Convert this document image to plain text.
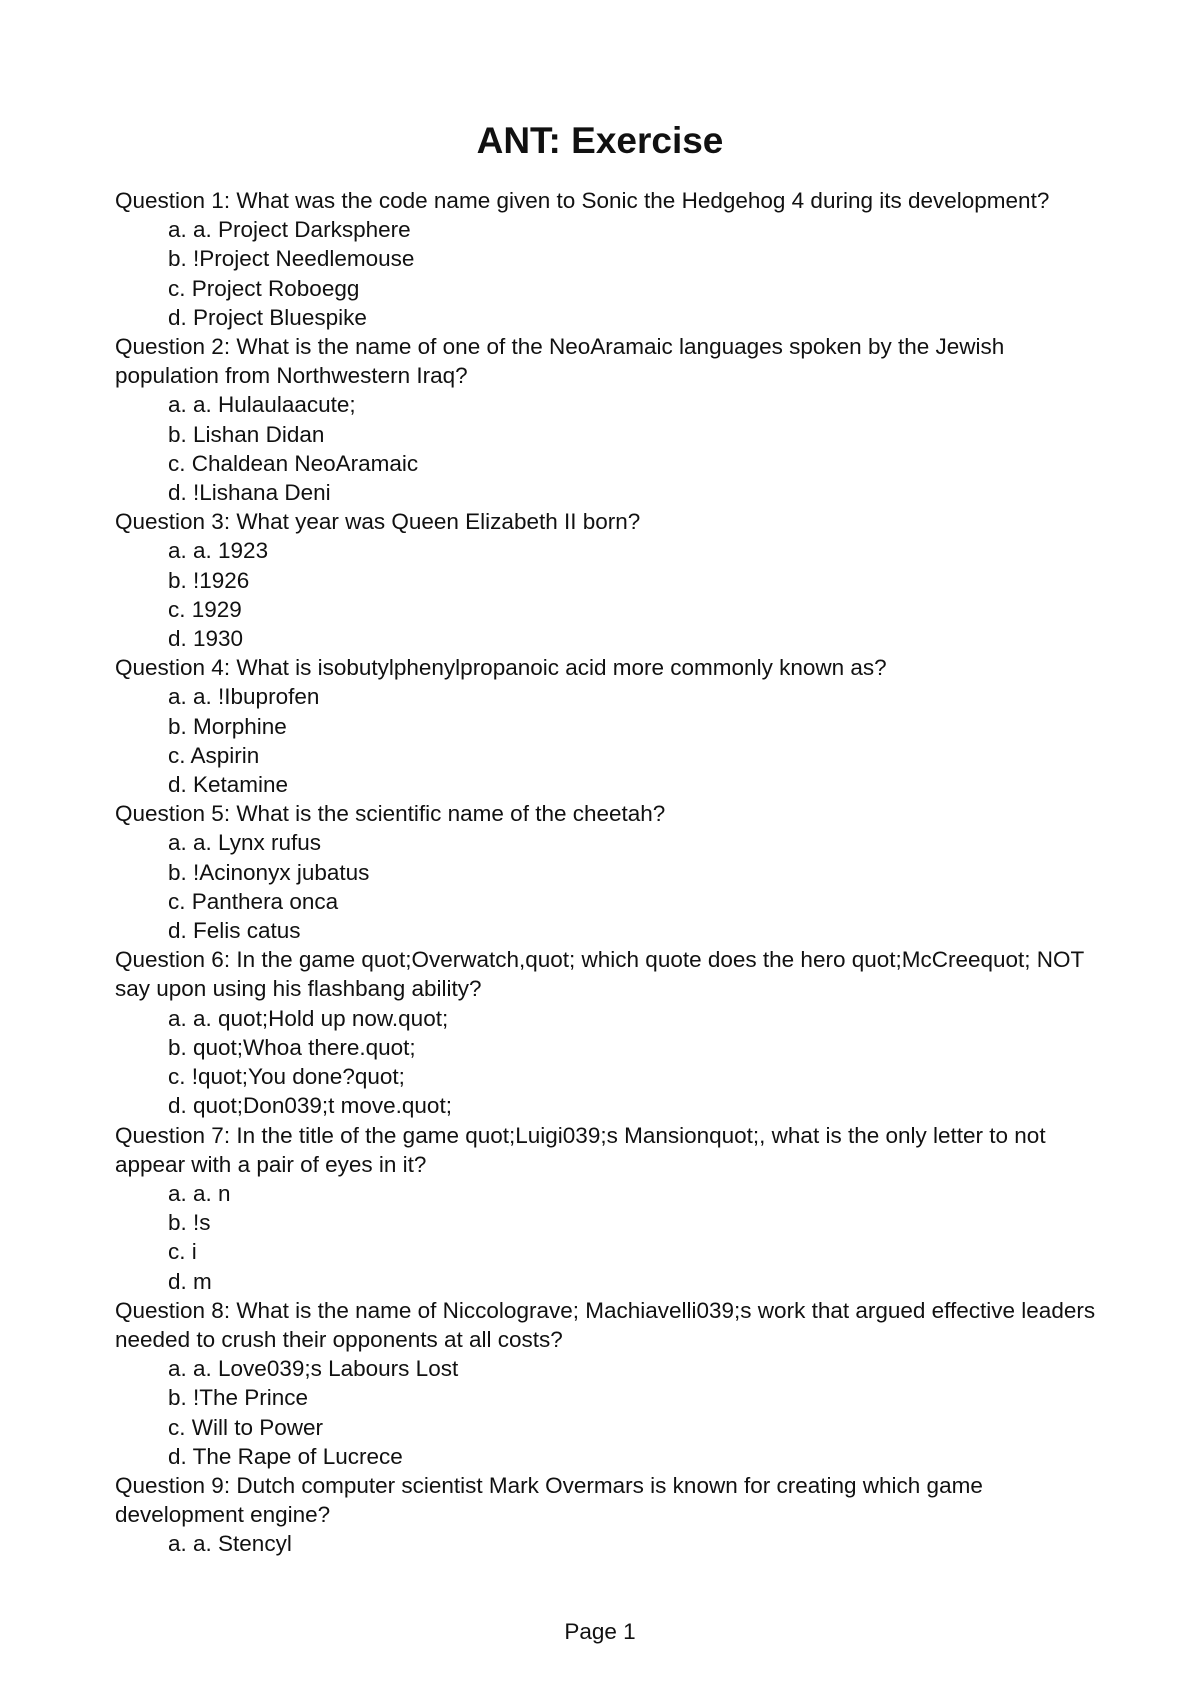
ANT: Exercise

Question 1: What was the code name given to Sonic the Hedgehog 4 during its development?

a. a. Project Darksphere
b. !Project Needlemouse
c. Project Roboegg
d. Project Bluespike

Question 2: What is the name of one of the NeoAramaic languages spoken by the Jewish population from Northwestern Iraq?

a. a. Hulaulaacute;
b. Lishan Didan
c. Chaldean NeoAramaic
d. !Lishana Deni

Question 3: What year was Queen Elizabeth II born?

a. a. 1923
b. !1926
c. 1929
d. 1930

Question 4: What is isobutylphenylpropanoic acid more commonly known as?

a. a. !Ibuprofen
b. Morphine
c. Aspirin
d. Ketamine

Question 5: What is the scientific name of the cheetah?

a. a. Lynx rufus
b. !Acinonyx jubatus
c. Panthera onca
d. Felis catus

Question 6: In the game quot;Overwatch,quot; which quote does the hero quot;McCreequot; NOT say upon using his flashbang ability?

a. a. quot;Hold up now.quot;
b. quot;Whoa there.quot;
c. !quot;You done?quot;
d. quot;Don039;t move.quot;

Question 7: In the title of the game quot;Luigi039;s Mansionquot;, what is the only letter to not appear with a pair of eyes in it?

a. a. n
b. !s
c. i
d. m

Question 8: What is the name of Niccolograve; Machiavelli039;s work that argued effective leaders needed to crush their opponents at all costs?

a. a. Love039;s Labours Lost
b. !The Prince
c. Will to Power
d. The Rape of Lucrece

Question 9: Dutch computer scientist Mark Overmars is known for creating which game development engine?

a. a. Stencyl
Page 1
